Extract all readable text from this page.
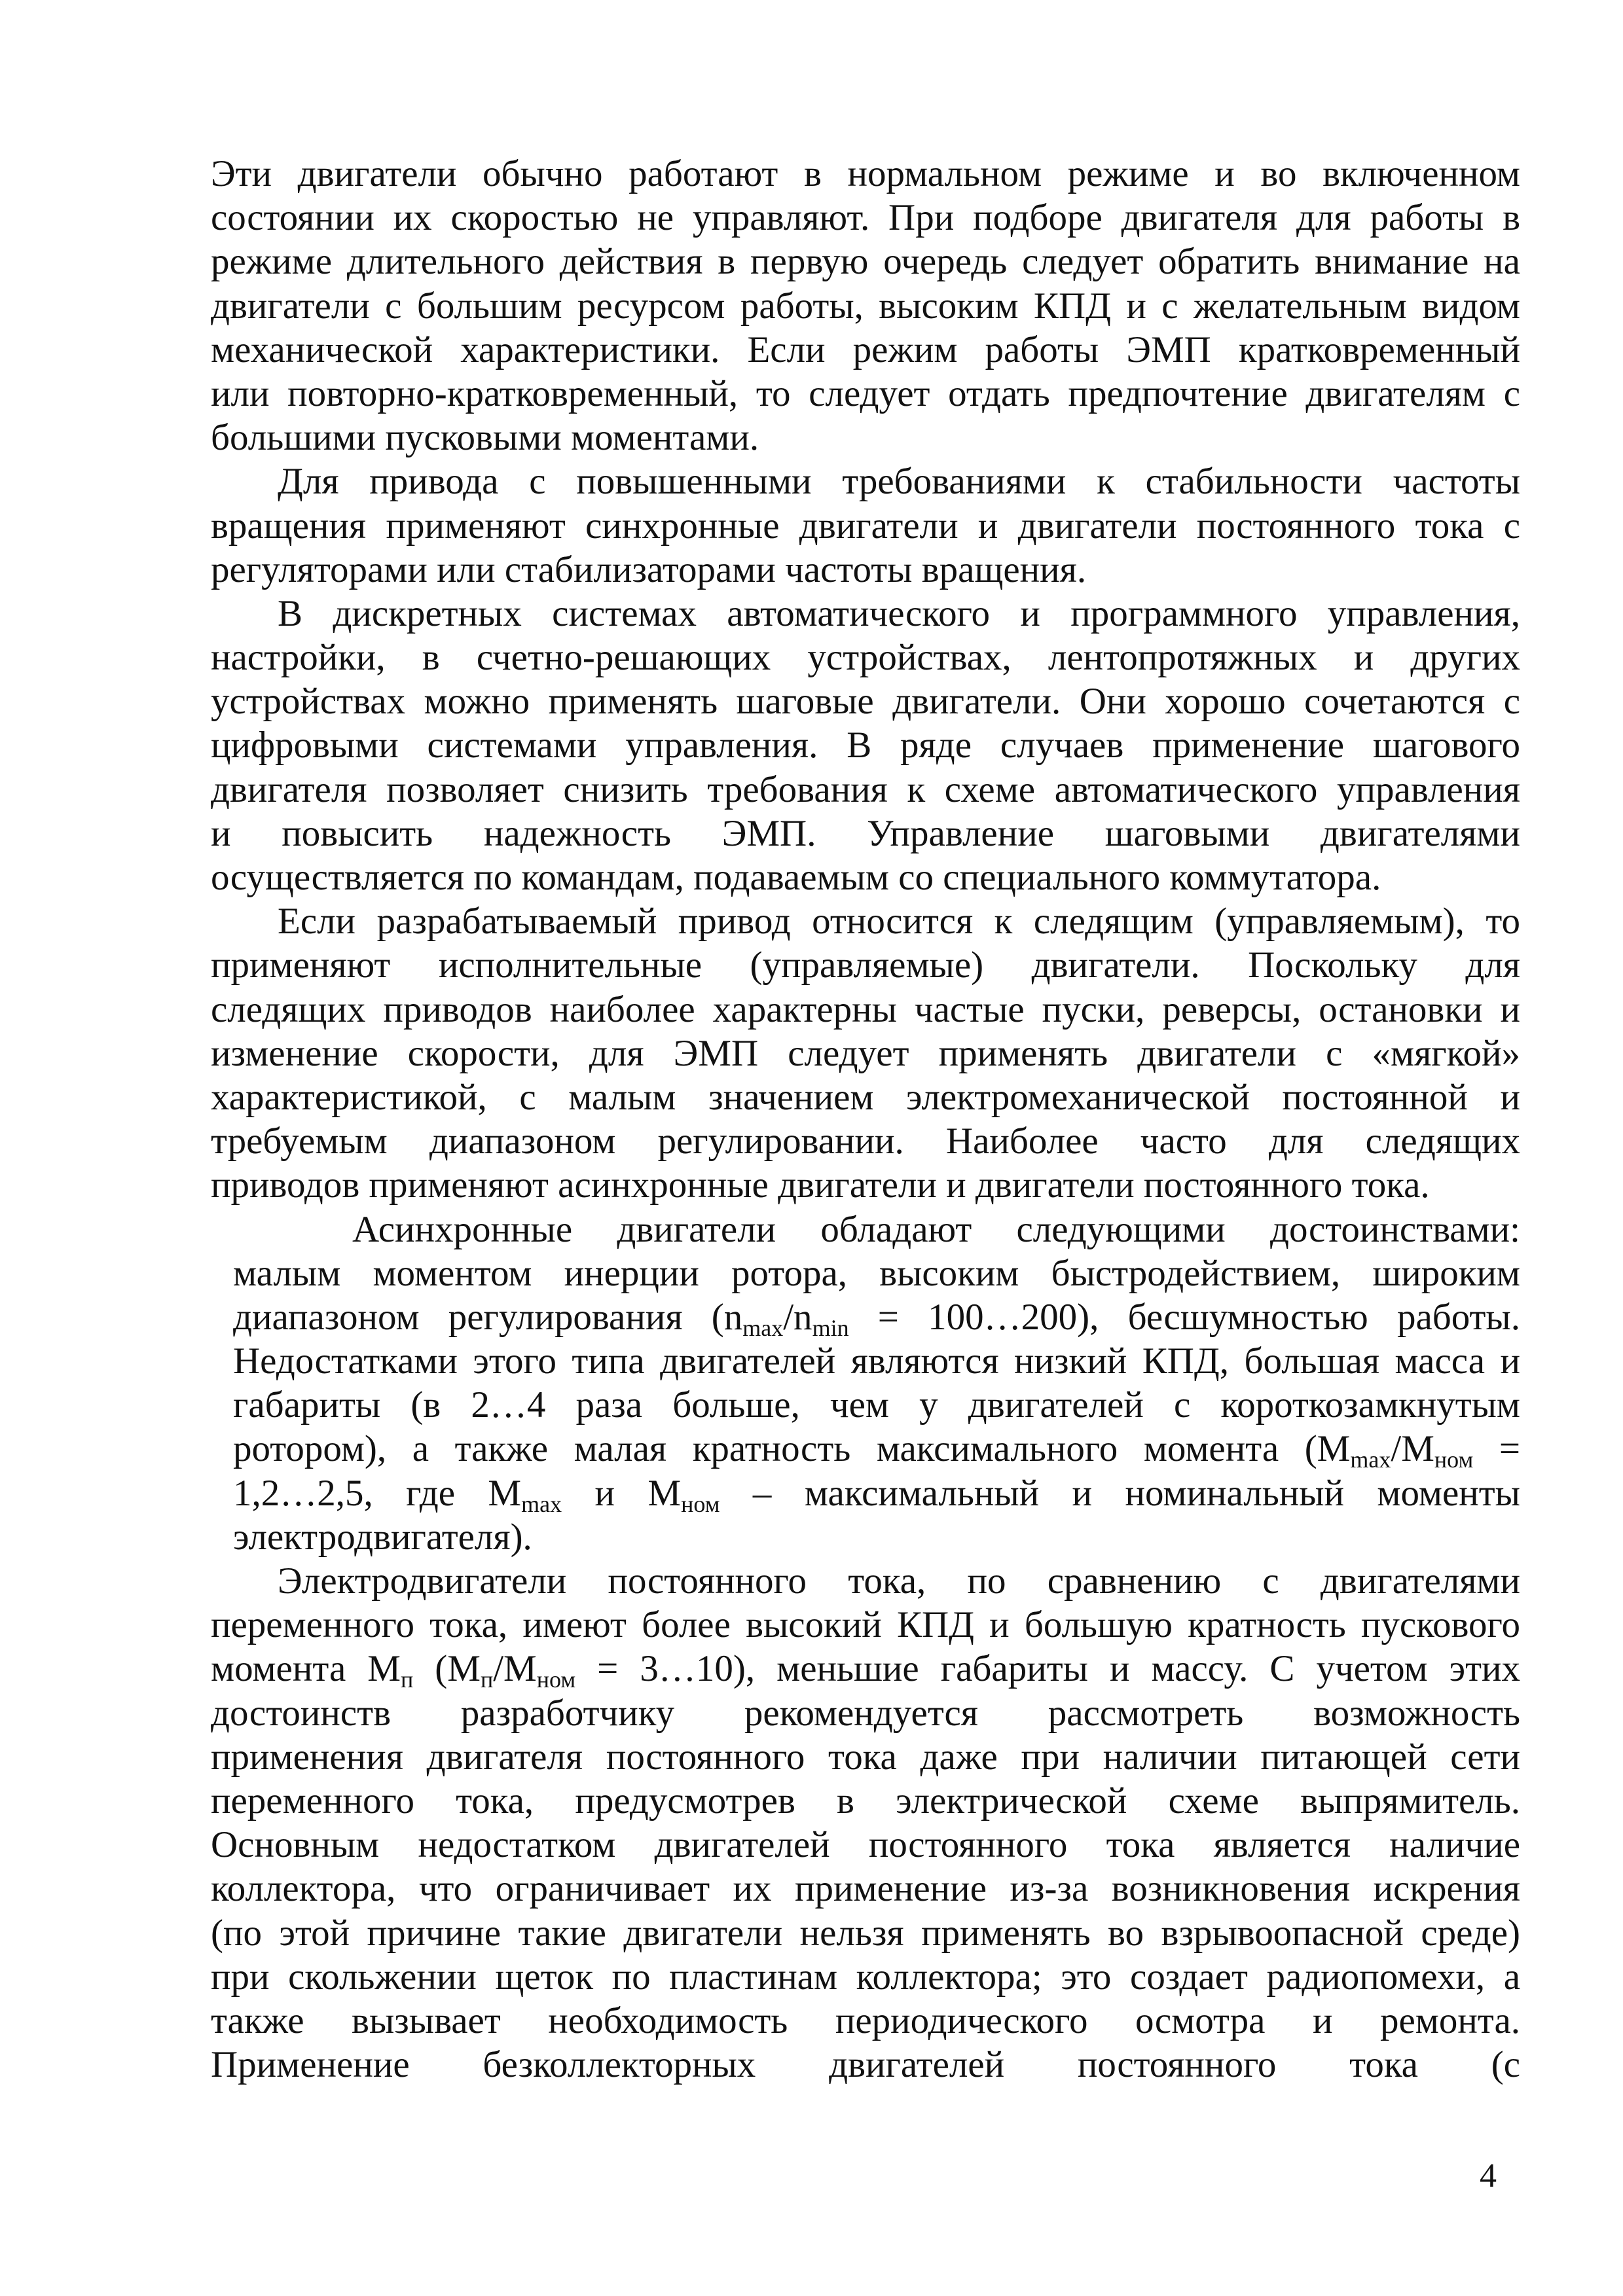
Эти двигатели обычно работают в нормальном режиме и во включенном
состоянии их скоростью не управляют. При подборе двигателя для работы в
режиме длительного действия в первую очередь следует обратить внимание на
двигатели с большим ресурсом работы, высоким КПД и с желательным видом
механической характеристики. Если режим работы ЭМП кратковременный
или повторно-кратковременный, то следует отдать предпочтение двигателям с
большими пусковыми моментами.
Для привода с повышенными требованиями к стабильности частоты
вращения применяют синхронные двигатели и двигатели постоянного тока с
регуляторами или стабилизаторами частоты вращения.
В дискретных системах автоматического и программного управления,
настройки, в счетно-решающих устройствах, лентопротяжных и других
устройствах можно применять шаговые двигатели. Они хорошо сочетаются с
цифровыми системами управления. В ряде случаев применение шагового
двигателя позволяет снизить требования к схеме автоматического управления
и повысить надежность ЭМП. Управление шаговыми двигателями
осуществляется по командам, подаваемым со специального коммутатора.
Если разрабатываемый привод относится к следящим (управляемым), то
применяют исполнительные (управляемые) двигатели. Поскольку для
следящих приводов наиболее характерны частые пуски, реверсы, остановки и
изменение скорости, для ЭМП следует применять двигатели с «мягкой»
характеристикой, с малым значением электромеханической постоянной и
требуемым диапазоном регулировании. Наиболее часто для следящих
приводов применяют асинхронные двигатели и двигатели постоянного тока.
Асинхронные двигатели обладают следующими достоинствами:
малым моментом инерции ротора, высоким быстродействием, широким
диапазоном регулирования ($n_{max}/n_{min}$ = 100…200), бесшумностью работы.
Недостатками этого типа двигателей являются низкий КПД, большая масса и
габариты (в 2…4 раза больше, чем у двигателей с короткозамкнутым
ротором), а также малая кратность максимального момента ($M_{max}/M_{ном}$ =
1,2…2,5, где $M_{max}$ и $M_{ном}$ – максимальный и номинальный моменты
электродвигателя).
Электродвигатели постоянного тока, по сравнению с двигателями
переменного тока, имеют более высокий КПД и большую кратность пускового
момента $M_п$ ($M_п/M_{ном}$ = 3…10), меньшие габариты и массу. С учетом этих
достоинств разработчику рекомендуется рассмотреть возможность
применения двигателя постоянного тока даже при наличии питающей сети
переменного тока, предусмотрев в электрической схеме выпрямитель.
Основным недостатком двигателей постоянного тока является наличие
коллектора, что ограничивает их применение из-за возникновения искрения
(по этой причине такие двигатели нельзя применять во взрывоопасной среде)
при скольжении щеток по пластинам коллектора; это создает радиопомехи, а
также вызывает необходимость периодического осмотра и ремонта.
Применение безколлекторных двигателей постоянного тока (с
4
